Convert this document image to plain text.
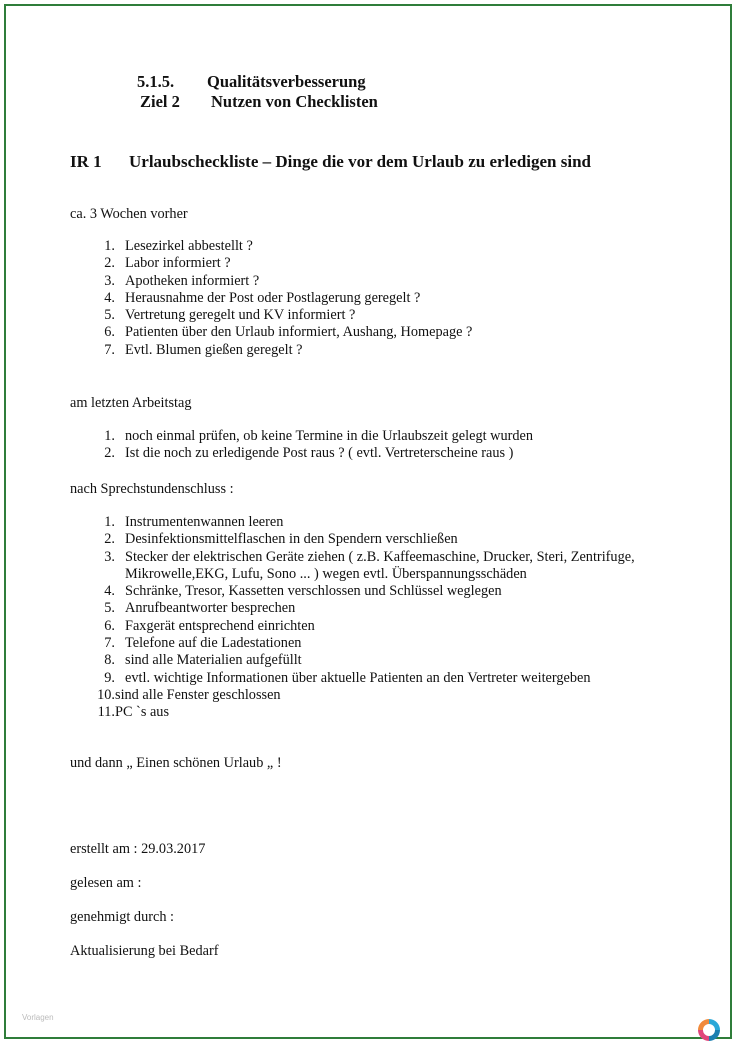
5.1.5. Qualitätsverbesserung
Ziel 2 Nutzen von Checklisten
IR 1 Urlaubscheckliste – Dinge die vor dem Urlaub zu erledigen sind
ca. 3 Wochen vorher
1. Lesezirkel abbestellt ?
2. Labor informiert ?
3. Apotheken informiert ?
4. Herausnahme der Post oder Postlagerung geregelt ?
5. Vertretung geregelt und KV informiert ?
6. Patienten über den Urlaub informiert, Aushang, Homepage ?
7. Evtl. Blumen gießen geregelt ?
am letzten Arbeitstag
1. noch einmal prüfen, ob keine Termine in die Urlaubszeit gelegt wurden
2. Ist die noch zu erledigende Post raus ? ( evtl. Vertreterscheine raus )
nach Sprechstundenschluss :
1. Instrumentenwannen leeren
2. Desinfektionsmittelflaschen in den Spendern verschließen
3. Stecker der elektrischen Geräte ziehen ( z.B. Kaffeemaschine, Drucker, Steri, Zentrifuge, Mikrowelle,EKG, Lufu, Sono ... ) wegen evtl. Überspannungsschäden
4. Schränke, Tresor, Kassetten verschlossen und Schlüssel weglegen
5. Anrufbeantworter besprechen
6. Faxgerät entsprechend einrichten
7. Telefone auf die Ladestationen
8. sind alle Materialien aufgefüllt
9. evtl. wichtige Informationen über aktuelle Patienten an den Vertreter weitergeben
10. sind alle Fenster geschlossen
11. PC `s aus
und dann „ Einen schönen Urlaub „ !
erstellt am : 29.03.2017
gelesen am :
genehmigt durch :
Aktualisierung bei Bedarf
Vorlagen
